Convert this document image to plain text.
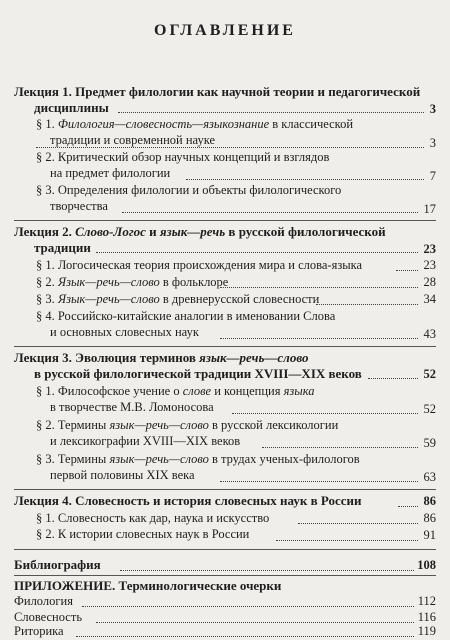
ОГЛАВЛЕНИЕ
Лекция 1. Предмет филологии как научной теории и педагогической
дисциплины	3
§ 1. Филология—словесность—языкознание в классической
традиции и современной науке	3
§ 2. Критический обзор научных концепций и взглядов
на предмет филологии	7
§ 3. Определения филологии и объекты филологического
творчества	17
Лекция 2. Слово-Логос и язык—речь в русской филологической
традиции	23
§ 1. Логосическая теория происхождения мира и слова-языка	23
§ 2. Язык—речь—слово в фольклоре	28
§ 3. Язык—речь—слово в древнерусской словесности	34
§ 4. Российско-китайские аналогии в именовании Слова
и основных словесных наук	43
Лекция 3. Эволюция терминов язык—речь—слово
в русской филологической традиции XVIII—XIX веков	52
§ 1. Философское учение о слове и концепция языка
в творчестве М.В. Ломоносова	52
§ 2. Термины язык—речь—слово в русской лексикологии
и лексикографии XVIII—XIX веков	59
§ 3. Термины язык—речь—слово в трудах ученых-филологов
первой половины XIX века	63
Лекция 4. Словесность и история словесных наук в России	86
§ 1. Словесность как дар, наука и искусство	86
§ 2. К истории словесных наук в России	91
Библиография	108
ПРИЛОЖЕНИЕ. Терминологические очерки
Филология	112
Словесность	116
Риторика	119
